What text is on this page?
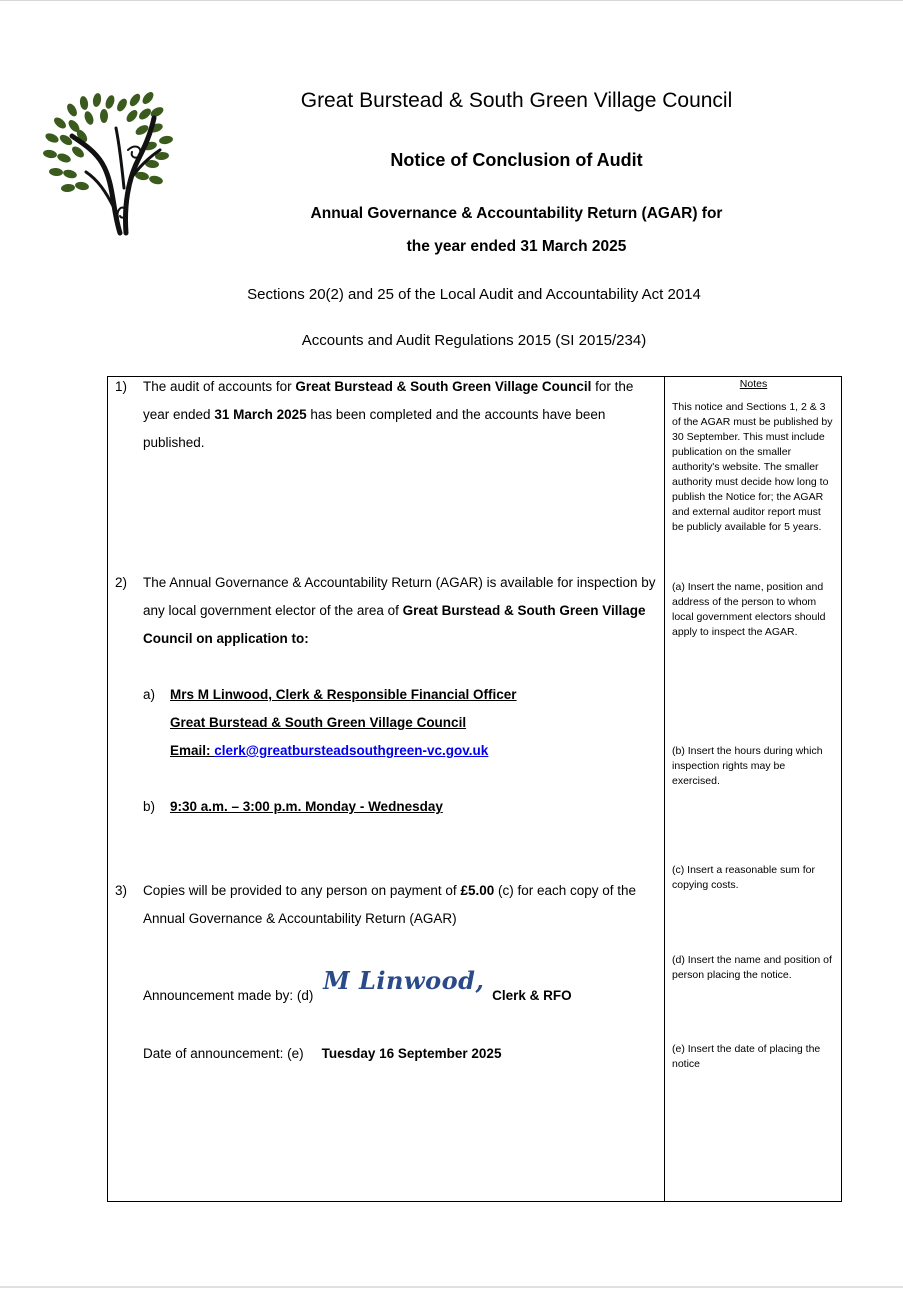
Great Burstead & South Green Village Council
Notice of Conclusion of Audit
Annual Governance & Accountability Return (AGAR) for
the year ended 31 March 2025
Sections 20(2) and 25 of the Local Audit and Accountability Act 2014
Accounts and Audit Regulations 2015 (SI 2015/234)
1) The audit of accounts for Great Burstead & South Green Village Council for the year ended 31 March 2025 has been completed and the accounts have been published.
2) The Annual Governance & Accountability Return (AGAR) is available for inspection by any local government elector of the area of Great Burstead & South Green Village Council on application to:
a) Mrs M Linwood, Clerk & Responsible Financial Officer
Great Burstead & South Green Village Council
Email: clerk@greatbursteadsouthgreen-vc.gov.uk
b) 9:30 a.m. – 3:00 p.m. Monday - Wednesday
3) Copies will be provided to any person on payment of £5.00 (c) for each copy of the Annual Governance & Accountability Return (AGAR)
Announcement made by: (d) M Linwood, Clerk & RFO
Date of announcement: (e) Tuesday 16 September 2025
Notes
This notice and Sections 1, 2 & 3 of the AGAR must be published by 30 September. This must include publication on the smaller authority's website. The smaller authority must decide how long to publish the Notice for; the AGAR and external auditor report must be publicly available for 5 years.
(a) Insert the name, position and address of the person to whom local government electors should apply to inspect the AGAR.
(b) Insert the hours during which inspection rights may be exercised.
(c) Insert a reasonable sum for copying costs.
(d) Insert the name and position of person placing the notice.
(e) Insert the date of placing the notice
